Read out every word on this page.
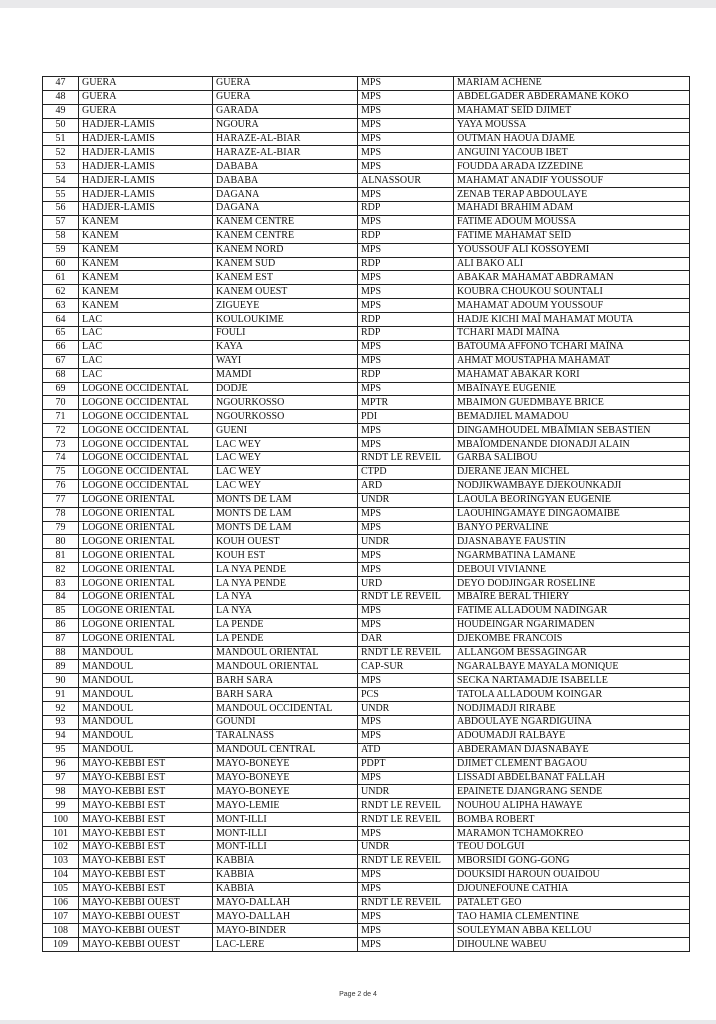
47	GUERA	GUERA	MPS	MARIAM ACHENE
48	GUERA	GUERA	MPS	ABDELGADER ABDERAMANE KOKO
49	GUERA	GARADA	MPS	MAHAMAT SEÏD DJIMET
50	HADJER-LAMIS	NGOURA	MPS	YAYA MOUSSA
51	HADJER-LAMIS	HARAZE-AL-BIAR	MPS	OUTMAN HAOUA DJAME
52	HADJER-LAMIS	HARAZE-AL-BIAR	MPS	ANGUINI YACOUB IBET
53	HADJER-LAMIS	DABABA	MPS	FOUDDA ARADA IZZEDINE
54	HADJER-LAMIS	DABABA	ALNASSOUR	MAHAMAT ANADIF YOUSSOUF
55	HADJER-LAMIS	DAGANA	MPS	ZENAB TERAP ABDOULAYE
56	HADJER-LAMIS	DAGANA	RDP	MAHADI BRAHIM ADAM
57	KANEM	KANEM CENTRE	MPS	FATIME ADOUM MOUSSA
58	KANEM	KANEM CENTRE	RDP	FATIME MAHAMAT SEÏD
59	KANEM	KANEM NORD	MPS	YOUSSOUF ALI KOSSOYEMI
60	KANEM	KANEM SUD	RDP	ALI BAKO ALI
61	KANEM	KANEM EST	MPS	ABAKAR MAHAMAT ABDRAMAN
62	KANEM	KANEM OUEST	MPS	KOUBRA CHOUKOU SOUNTALI
63	KANEM	ZIGUEYE	MPS	MAHAMAT ADOUM YOUSSOUF
64	LAC	KOULOUKIME	RDP	HADJE KICHI MAÏ MAHAMAT MOUTA
65	LAC	FOULI	RDP	TCHARI MADI MAÏNA
66	LAC	KAYA	MPS	BATOUMA AFFONO TCHARI MAÏNA
67	LAC	WAYI	MPS	AHMAT MOUSTAPHA MAHAMAT
68	LAC	MAMDI	RDP	MAHAMAT ABAKAR KORI
69	LOGONE OCCIDENTAL	DODJE	MPS	MBAÏNAYE EUGENIE
70	LOGONE OCCIDENTAL	NGOURKOSSO	MPTR	MBAIMON GUEDMBAYE BRICE
71	LOGONE OCCIDENTAL	NGOURKOSSO	PDI	BEMADJIEL MAMADOU
72	LOGONE OCCIDENTAL	GUENI	MPS	DINGAMHOUDEL MBAÏMIAN SEBASTIEN
73	LOGONE OCCIDENTAL	LAC WEY	MPS	MBAÏOMDENANDE DIONADJI ALAIN
74	LOGONE OCCIDENTAL	LAC WEY	RNDT LE REVEIL	GARBA SALIBOU
75	LOGONE OCCIDENTAL	LAC WEY	CTPD	DJERANE JEAN MICHEL
76	LOGONE OCCIDENTAL	LAC WEY	ARD	NODJIKWAMBAYE DJEKOUNKADJI
77	LOGONE ORIENTAL	MONTS DE LAM	UNDR	LAOULA BEORINGYAN EUGENIE
78	LOGONE ORIENTAL	MONTS DE LAM	MPS	LAOUHINGAMAYE DINGAOMAIBE
79	LOGONE ORIENTAL	MONTS DE LAM	MPS	BANYO PERVALINE
80	LOGONE ORIENTAL	KOUH OUEST	UNDR	DJASNABAYE FAUSTIN
81	LOGONE ORIENTAL	KOUH EST	MPS	NGARMBATINA LAMANE
82	LOGONE ORIENTAL	LA NYA PENDE	MPS	DEBOUI VIVIANNE
83	LOGONE ORIENTAL	LA NYA PENDE	URD	DEYO DODJINGAR ROSELINE
84	LOGONE ORIENTAL	LA NYA	RNDT LE REVEIL	MBAÏRE BERAL THIERY
85	LOGONE ORIENTAL	LA NYA	MPS	FATIME ALLADOUM NADINGAR
86	LOGONE ORIENTAL	LA PENDE	MPS	HOUDEINGAR NGARIMADEN
87	LOGONE ORIENTAL	LA PENDE	DAR	DJEKOMBE FRANCOIS
88	MANDOUL	MANDOUL ORIENTAL	RNDT LE REVEIL	ALLANGOM BESSAGINGAR
89	MANDOUL	MANDOUL ORIENTAL	CAP-SUR	NGARALBAYE MAYALA MONIQUE
90	MANDOUL	BARH SARA	MPS	SECKA NARTAMADJE ISABELLE
91	MANDOUL	BARH SARA	PCS	TATOLA ALLADOUM KOINGAR
92	MANDOUL	MANDOUL OCCIDENTAL	UNDR	NODJIMADJI RIRABE
93	MANDOUL	GOUNDI	MPS	ABDOULAYE NGARDIGUINA
94	MANDOUL	TARALNASS	MPS	ADOUMADJI RALBAYE
95	MANDOUL	MANDOUL CENTRAL	ATD	ABDERAMAN DJASNABAYE
96	MAYO-KEBBI EST	MAYO-BONEYE	PDPT	DJIMET CLEMENT BAGAOU
97	MAYO-KEBBI EST	MAYO-BONEYE	MPS	LISSADI ABDELBANAT FALLAH
98	MAYO-KEBBI EST	MAYO-BONEYE	UNDR	EPAINETE DJANGRANG SENDE
99	MAYO-KEBBI EST	MAYO-LEMIE	RNDT LE REVEIL	NOUHOU ALIPHA HAWAYE
100	MAYO-KEBBI EST	MONT-ILLI	RNDT LE REVEIL	BOMBA ROBERT
101	MAYO-KEBBI EST	MONT-ILLI	MPS	MARAMON TCHAMOKREO
102	MAYO-KEBBI EST	MONT-ILLI	UNDR	TEOU DOLGUI
103	MAYO-KEBBI EST	KABBIA	RNDT LE REVEIL	MBORSIDI GONG-GONG
104	MAYO-KEBBI EST	KABBIA	MPS	DOUKSIDI HAROUN OUAIDOU
105	MAYO-KEBBI EST	KABBIA	MPS	DJOUNEFOUNE CATHIA
106	MAYO-KEBBI OUEST	MAYO-DALLAH	RNDT LE REVEIL	PATALET GEO
107	MAYO-KEBBI OUEST	MAYO-DALLAH	MPS	TAO HAMIA CLEMENTINE
108	MAYO-KEBBI OUEST	MAYO-BINDER	MPS	SOULEYMAN ABBA KELLOU
109	MAYO-KEBBI OUEST	LAC-LERE	MPS	DIHOULNE WABEU
Page 2 de 4
